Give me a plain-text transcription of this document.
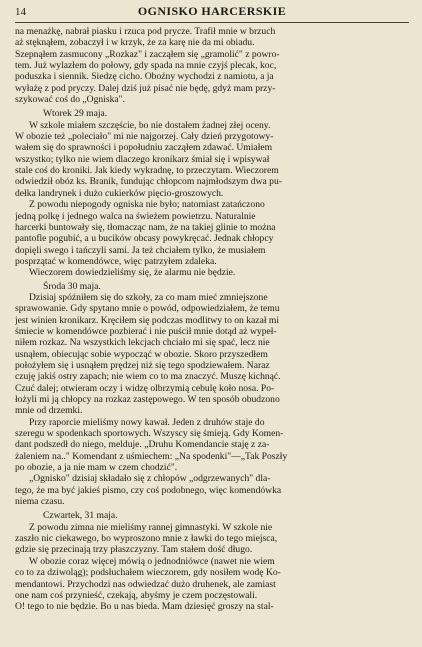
14	OGNISKO HARCERSKIE
na menażkę, nabrał piasku i rzuca pod prycze. Trafił mnie w brzuch
aż stęknąłem, zobaczył i w krzyk, że za karę nie da mi obiadu.
Szepnąłem zasmucony „Rozkaz" i zacząłem się „gramolić" z powro-
tem. Już wylazłem do połowy, gdy spada na mnie czyjś plecak, koc,
poduszka i siennik. Siedzę cicho. Oboźny wychodzi z namiotu, a ja
wyłażę z pod pryczy. Dalej dziś już pisać nie będę, gdyż mam przy-
szykować coś do „Ogniska".
Wtorek 29 maja.
W szkole miałem szczęście, bo nie dostałem żadnej złej oceny.
W obozie też „poleciało" mi nie najgorzej. Cały dzień przygotowy-
wałem się do sprawności i popołudniu zacząłem zdawać. Umiałem
wszystko; tylko nie wiem dlaczego kronikarz śmiał się i wpisywał
stale coś do kroniki. Jak kiedy wykradnę, to przeczytam. Wieczorem
odwiedził obóz ks. Branik, fundując chłopcom najmłodszym dwa pu-
dełka landrynek i dużo cukierków pięcio-groszowych.
Z powodu niepogody ogniska nie było; natomiast zatańczono
jedną polkę i jednego walca na świeżem powietrzu. Naturalnie
harcerki buntowały się, tłomacząc nam, że na takiej glinie to można
pantofle pogubić, a u bucików obcasy powykręcać. Jednak chłopcy
dopięli swego i tańczyli sami. Ja też chciałem tylko, że musiałem
posprzątać w komendówce, więc patrzyłem zdaleka.
Wieczorem dowiedzieliśmy się, że alarmu nie będzie.
Środa 30 maja.
Dzisiaj spóźniłem się do szkoły, za co mam mieć zmniejszone
sprawowanie. Gdy spytano mnie o powód, odpowiedziałem, że temu
jest winien kronikarz. Kręciłem się podczas modlitwy to on kazał mi
śmiecie w komendówce pozbierać i nie puścił mnie dotąd aż wypeł-
niłem rozkaz. Na wszystkich lekcjach chciało mi się spać, lecz nie
usnąłem, obiecując sobie wypocząć w obozie. Skoro przyszedłem
położyłem się i usnąłem prędzej niż się tego spodziewałem. Naraz
czuję jakiś ostry zapach; nie wiem co to ma znaczyć. Muszę kichnąć.
Czuć dalej; otwieram oczy i widzę olbrzymią cebulę koło nosa. Po-
łożyli mi ją chłopcy na rozkaz zastępowego. W ten sposób obudzono
mnie od drzemki.
Przy raporcie mieliśmy nowy kawał. Jeden z druhów staje do
szeregu w spodenkach sportowych. Wszyscy się śmieją. Gdy Komen-
dant podszedł do niego, melduje. „Druhu Komendancie staję z za-
żaleniem na.." Komendant z uśmiechem: „Na spodenki"—„Tak Poszły
po obozie, a ja nie mam w czem chodzić".
„Ognisko" dzisiaj składało się z chłopów „odgrzewanych" dla-
tego, że ma być jakieś pismo, czy coś podobnego, więc komendówka
niema czasu.
Czwartek, 31 maja.
Z powodu zimna nie mieliśmy rannej gimnastyki. W szkole nie
zaszło nic ciekawego, bo wyproszono mnie z ławki do tego miejsca,
gdzie się przecinają trzy płaszczyzny. Tam stałem dość długo.
W obozie coraz więcej mówią o jednodniówce (nawet nie wiem
co to za dziwoląg); podsłuchałem wieczorem, gdy nosiłem wodę Ko-
mendantowi. Przychodzi nas odwiedzać dużo druhenek, ale zamiast
one nam coś przynieść, czekają, abyśmy je czem poczęstowali.
O! tego to nie będzie. Bo u nas bieda. Mam dziesięć groszy na stal-
